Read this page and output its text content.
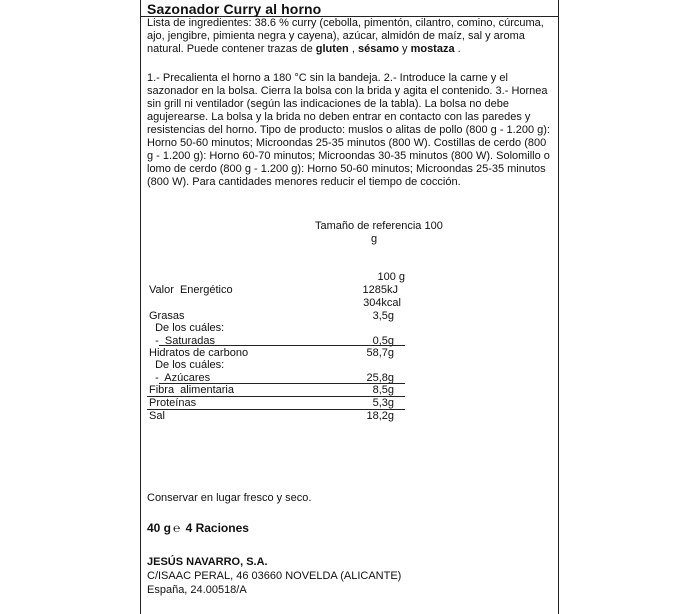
Sazonador Curry al horno
Lista de ingredientes: 38.6 % curry (cebolla, pimentón, cilantro, comino, cúrcuma, ajo, jengibre, pimienta negra y cayena), azúcar, almidón de maíz, sal y aroma natural. Puede contener trazas de gluten , sésamo y mostaza .
1.- Precalienta el horno a 180 °C sin la bandeja. 2.- Introduce la carne y el sazonador en la bolsa. Cierra la bolsa con la brida y agita el contenido. 3.- Hornea sin grill ni ventilador (según las indicaciones de la tabla). La bolsa no debe agujerearse. La bolsa y la brida no deben entrar en contacto con las paredes y resistencias del horno. Tipo de producto: muslos o alitas de pollo (800 g - 1.200 g): Horno 50-60 minutos; Microondas 25-35 minutos (800 W). Costillas de cerdo (800 g - 1.200 g): Horno 60-70 minutos; Microondas 30-35 minutos (800 W). Solomillo o lomo de cerdo (800 g - 1.200 g): Horno 50-60 minutos; Microondas 25-35 minutos (800 W). Para cantidades menores reducir el tiempo de cocción.
Tamaño de referencia 100
g
100 g
Valor  Energético	1285kJ
304kcal
Grasas	3,5g
De los cuáles:
-  Saturadas	0,5g
Hidratos de carbono	58,7g
De los cuáles:
-  Azúcares	25,8g
Fibra  alimentaria	8,5g
Proteínas	5,3g
Sal	18,2g
Conservar en lugar fresco y seco.
40 g ℮ 4 Raciones
JESÚS NAVARRO, S.A.
C/ISAAC PERAL, 46 03660 NOVELDA (ALICANTE)
España, 24.00518/A
